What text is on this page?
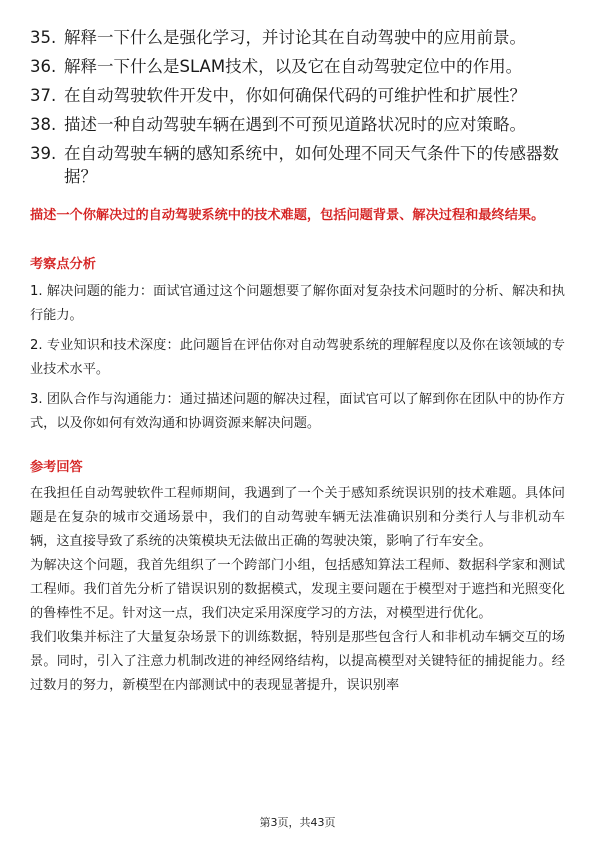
35. 解释一下什么是强化学习，并讨论其在自动驾驶中的应用前景。
36. 解释一下什么是SLAM技术，以及它在自动驾驶定位中的作用。
37. 在自动驾驶软件开发中，你如何确保代码的可维护性和扩展性？
38. 描述一种自动驾驶车辆在遇到不可预见道路状况时的应对策略。
39. 在自动驾驶车辆的感知系统中，如何处理不同天气条件下的传感器数据？

描述一个你解决过的自动驾驶系统中的技术难题，包括问题背景、解决过程和最终结果。

考察点分析

1. 解决问题的能力：面试官通过这个问题想要了解你面对复杂技术问题时的分析、解决和执行能力。

2. 专业知识和技术深度：此问题旨在评估你对自动驾驶系统的理解程度以及你在该领域的专业技术水平。

3. 团队合作与沟通能力：通过描述问题的解决过程，面试官可以了解到你在团队中的协作方式，以及你如何有效沟通和协调资源来解决问题。

参考回答

在我担任自动驾驶软件工程师期间，我遇到了一个关于感知系统误识别的技术难题。具体问题是在复杂的城市交通场景中，我们的自动驾驶车辆无法准确识别和分类行人与非机动车辆，这直接导致了系统的决策模块无法做出正确的驾驶决策，影响了行车安全。

为解决这个问题，我首先组织了一个跨部门小组，包括感知算法工程师、数据科学家和测试工程师。我们首先分析了错误识别的数据模式，发现主要问题在于模型对于遮挡和光照变化的鲁棒性不足。针对这一点，我们决定采用深度学习的方法，对模型进行优化。

我们收集并标注了大量复杂场景下的训练数据，特别是那些包含行人和非机动车辆交互的场景。同时，引入了注意力机制改进的神经网络结构，以提高模型对关键特征的捕捉能力。经过数月的努力，新模型在内部测试中的表现显著提升，误识别率

第3页，共43页
